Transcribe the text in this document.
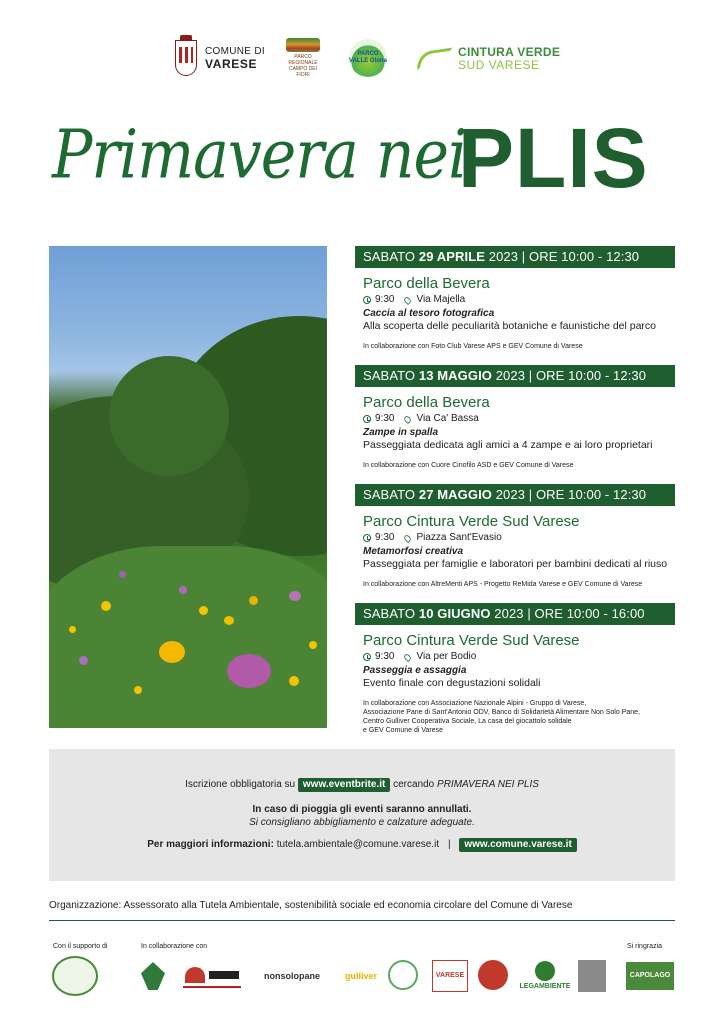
COMUNE DI
VARESE	PARCO REGIONALE CAMPO DEI FIORI
PARCO VALLE Olona
CINTURA VERDE
SUD VARESE
Primavera nei
PLIS
SABATO 29 APRILE 2023 | ORE 10:00 - 12:30
Parco della Bevera
9:30 Via Majella
Caccia al tesoro fotografica
Alla scoperta delle peculiarità botaniche e faunistiche del parco
In collaborazione con Foto Club Varese APS e GEV Comune di Varese
SABATO 13 MAGGIO 2023 | ORE 10:00 - 12:30
Parco della Bevera
9:30 Via Ca' Bassa
Zampe in spalla
Passeggiata dedicata agli amici a 4 zampe e ai loro proprietari
In collaborazione con Cuore Cinofilo ASD e GEV Comune di Varese
SABATO 27 MAGGIO 2023 | ORE 10:00 - 12:30
Parco Cintura Verde Sud Varese
9:30 Piazza Sant'Evasio
Metamorfosi creativa
Passeggiata per famiglie e laboratori per bambini dedicati al riuso
In collaborazione con AltreMenti APS - Progetto ReMida Varese e GEV Comune di Varese
SABATO 10 GIUGNO 2023 | ORE 10:00 - 16:00
Parco Cintura Verde Sud Varese
9:30 Via per Bodio
Passeggia e assaggia
Evento finale con degustazioni solidali
In collaborazione con Associazione Nazionale Alpini - Gruppo di Varese,
Associazione Pane di Sant'Antonio ODV, Banco di Solidarietà Alimentare Non Solo Pane,
Centro Gulliver Cooperativa Sociale, La casa del giocattolo solidale
e GEV Comune di Varese
Iscrizione obbligatoria su www.eventbrite.it cercando PRIMAVERA NEI PLIS
In caso di pioggia gli eventi saranno annullati.
Si consigliano abbigliamento e calzature adeguate.
Per maggiori informazioni: tutela.ambientale@comune.varese.it | www.comune.varese.it
Organizzazione: Assessorato alla Tutela Ambientale, sostenibilità sociale ed economia circolare del Comune di Varese
Con il supporto di	In collaborazione con	Si ringrazia
nonsolopane	gulliver	VARESE
LEGAMBIENTE
CAPOLAGO
